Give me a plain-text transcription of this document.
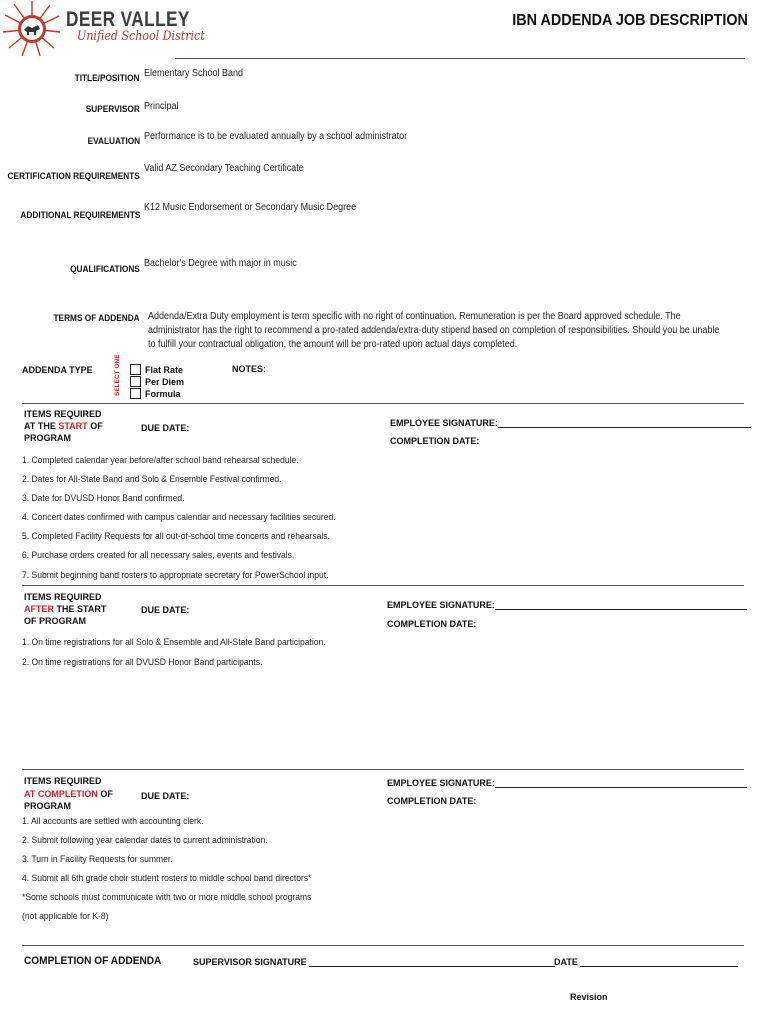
DEER VALLEY
Unified School District
IBN ADDENDA JOB DESCRIPTION
TITLE/POSITION Elementary School Band
SUPERVISOR Principal
EVALUATION Performance is to be evaluated annually by a school administrator
CERTIFICATION REQUIREMENTS
Valid AZ Secondary Teaching Certificate
ADDITIONAL REQUIREMENTS
K12 Music Endorsement or Secondary Music Degree
QUALIFICATIONS Bachelor's Degree with major in music
TERMS OF ADDENDA Addenda/Extra Duty employment is term specific with no right of continuation. Remuneration is per the Board approved schedule. The
administrator has the right to recommend a pro-rated addenda/extra-duty stipend based on completion of responsibilities. Should you be unable
to fulfill your contractual obligation, the amount will be pro-rated upon actual days completed.
ADDENDA TYPE	SELECT ONE	Flat Rate
Per Diem
Formula
NOTES:
ITEMS REQUIRED
AT THE START OF
PROGRAM
DUE DATE:	EMPLOYEE SIGNATURE:
COMPLETION DATE:
1. Completed calendar year before/after school band rehearsal schedule.
2. Dates for All-State Band and Solo & Ensemble Festival confirmed.
3. Date for DVUSD Honor Band confirmed.
4. Concert dates confirmed with campus calendar and necessary facilities secured.
5. Completed Facility Requests for all out-of-school time concerts and rehearsals.
6. Purchase orders created for all necessary sales, events and festivals.
7. Submit beginning band rosters to appropriate secretary for PowerSchool input.
ITEMS REQUIRED
AFTER THE START
OF PROGRAM
DUE DATE:	EMPLOYEE SIGNATURE:
COMPLETION DATE:
1. On time registrations for all Solo & Ensemble and All-State Band participation.
2. On time registrations for all DVUSD Honor Band participants.
ITEMS REQUIRED
AT COMPLETION OF
PROGRAM
DUE DATE:
EMPLOYEE SIGNATURE:
COMPLETION DATE:
1. All accounts are settled with accounting clerk.
2. Submit following year calendar dates to current administration.
3. Turn in Facility Requests for summer.
4. Submit all 6th grade choir student rosters to middle school band directors*
*Some schools must communicate with two or more middle school programs
(not applicable for K-8)
COMPLETION OF ADDENDA	SUPERVISOR SIGNATURE	DATE
Revision
